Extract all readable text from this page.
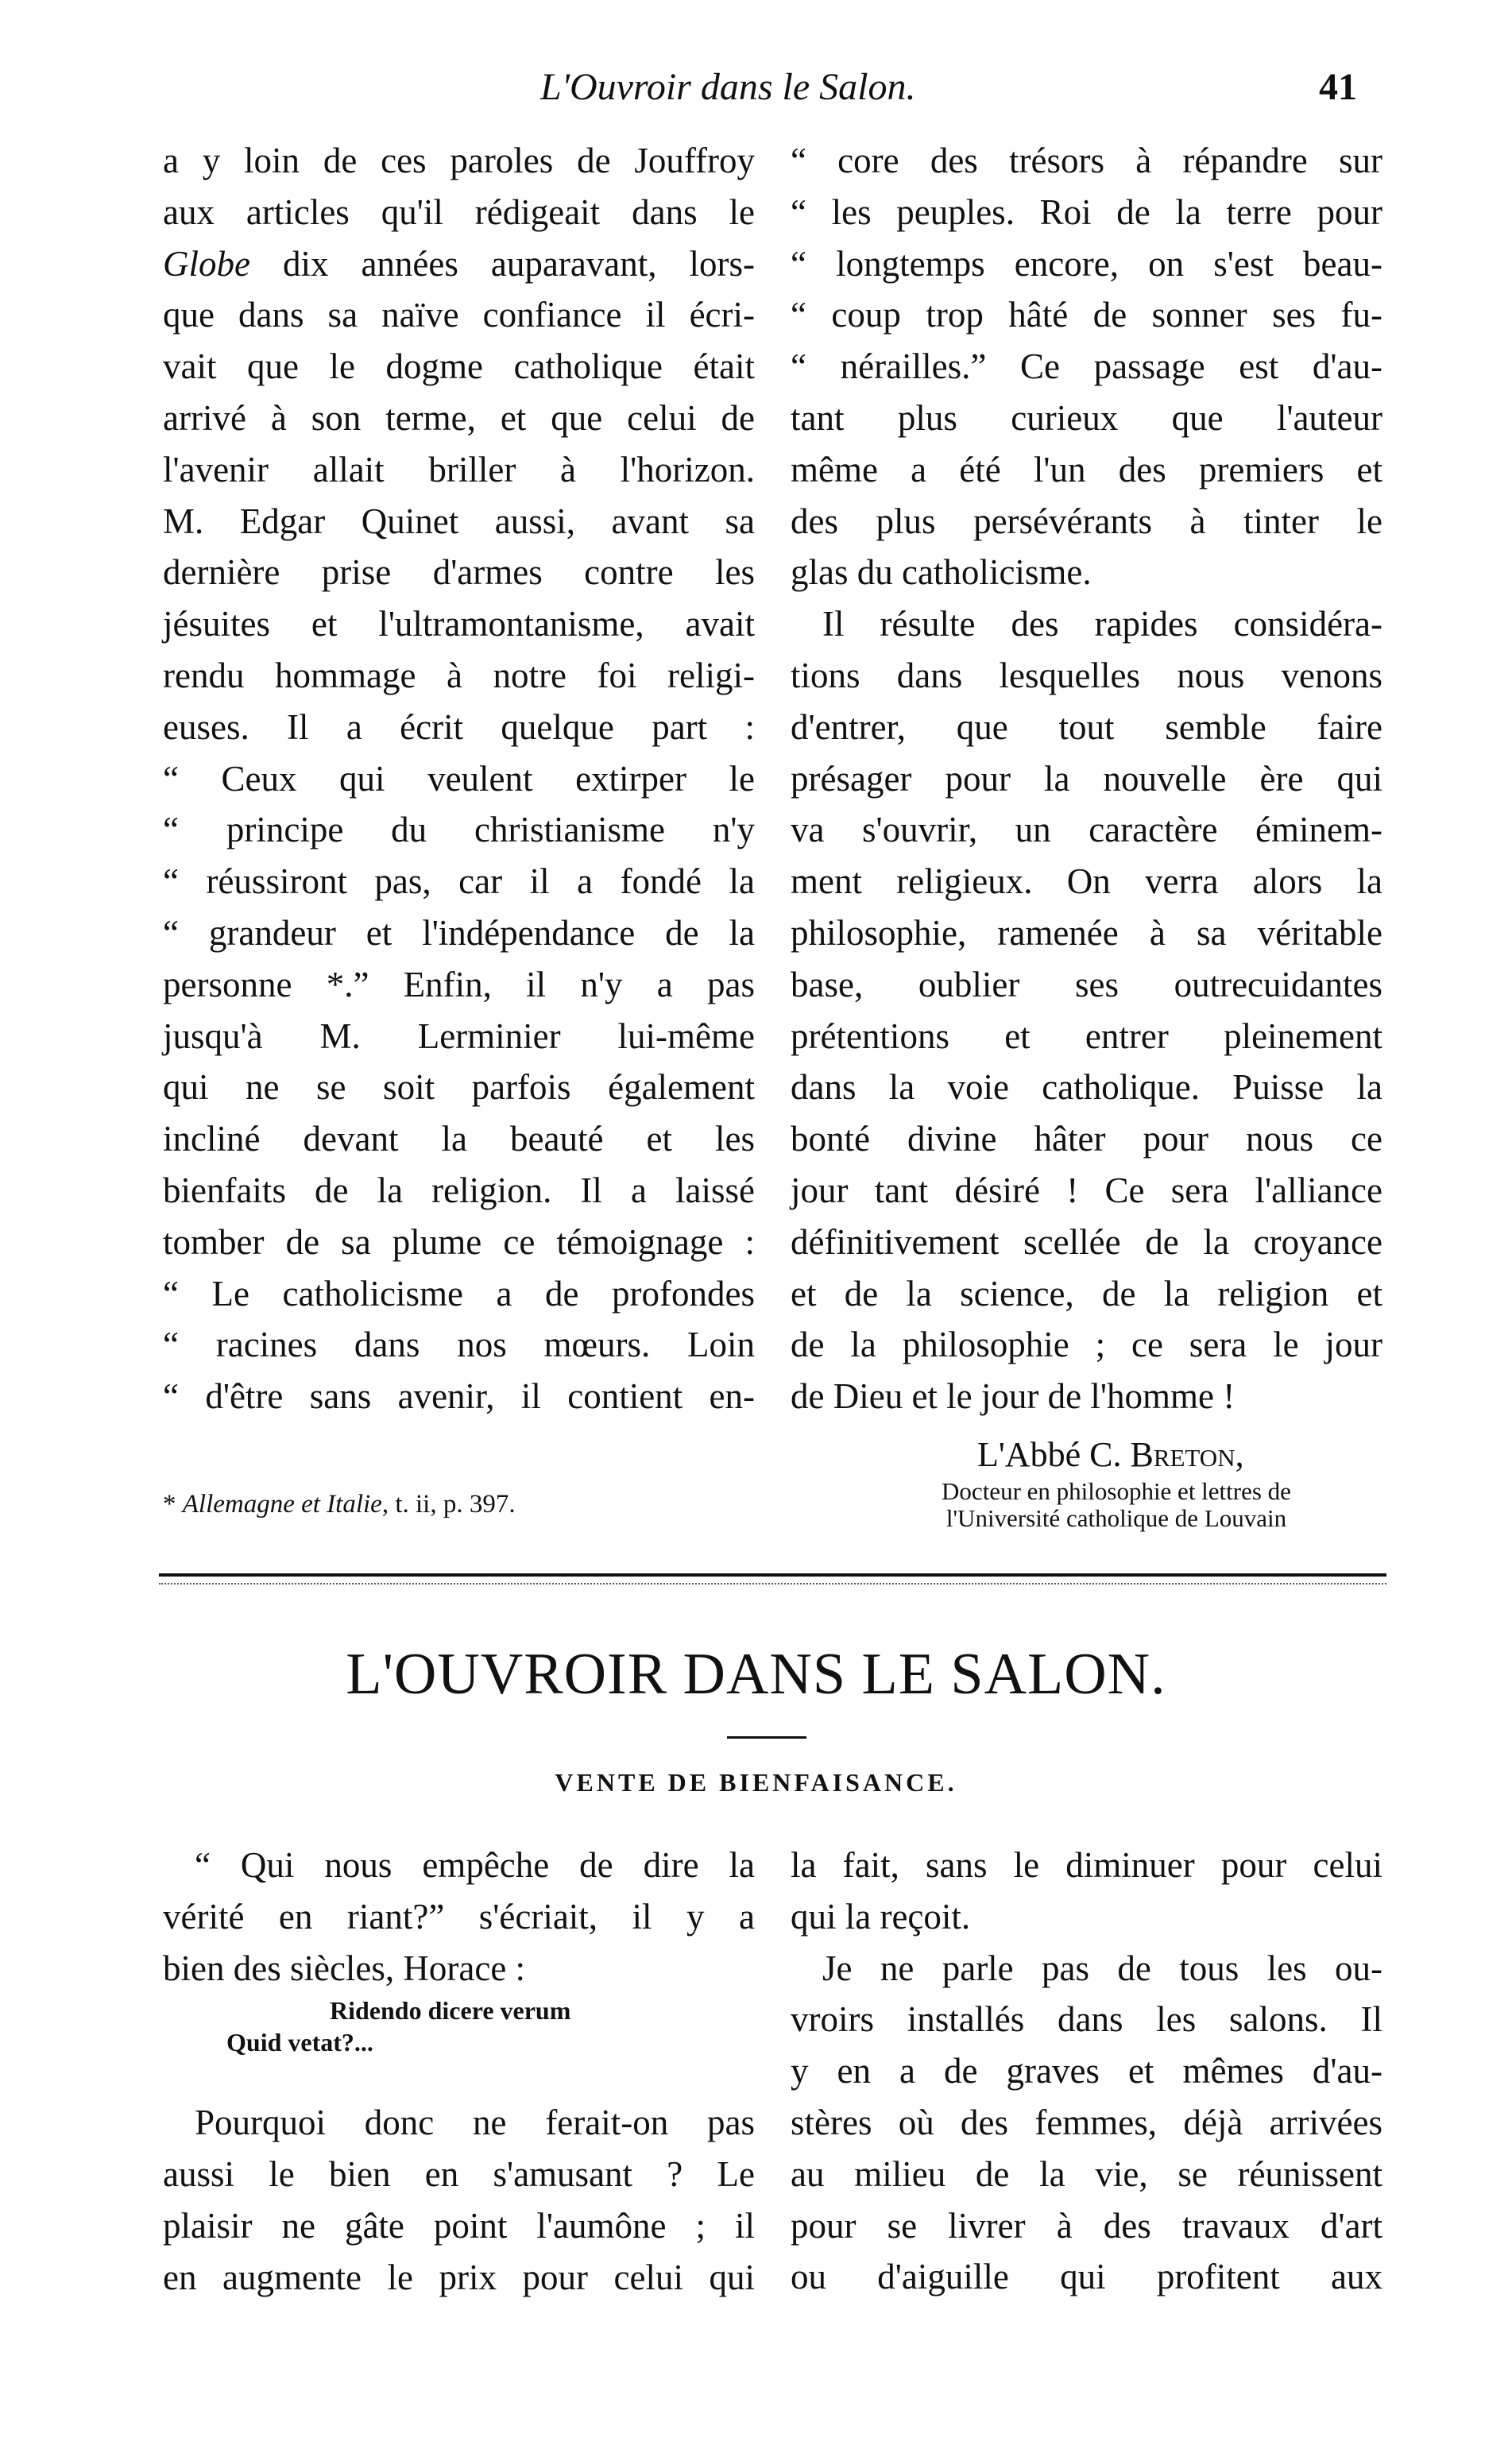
L'Ouvroir dans le Salon.	41
a y loin de ces paroles de Jouffroy
aux articles qu'il rédigeait dans le
Globe dix années auparavant, lors-
que dans sa naïve confiance il écri-
vait que le dogme catholique était
arrivé à son terme, et que celui de
l'avenir allait briller à l'horizon.
M. Edgar Quinet aussi, avant sa
dernière prise d'armes contre les
jésuites et l'ultramontanisme, avait
rendu hommage à notre foi religi-
euses. Il a écrit quelque part :
“ Ceux qui veulent extirper le
“ principe du christianisme n'y
“ réussiront pas, car il a fondé la
“ grandeur et l'indépendance de la
personne *.” Enfin, il n'y a pas
jusqu'à M. Lerminier lui-même
qui ne se soit parfois également
incliné devant la beauté et les
bienfaits de la religion. Il a laissé
tomber de sa plume ce témoignage :
“ Le catholicisme a de profondes
“ racines dans nos mœurs. Loin
“ d'être sans avenir, il contient en-
“ core des trésors à répandre sur
“ les peuples. Roi de la terre pour
“ longtemps encore, on s'est beau-
“ coup trop hâté de sonner ses fu-
“ nérailles.” Ce passage est d'au-
tant plus curieux que l'auteur
même a été l'un des premiers et
des plus persévérants à tinter le
glas du catholicisme.
Il résulte des rapides considéra-
tions dans lesquelles nous venons
d'entrer, que tout semble faire
présager pour la nouvelle ère qui
va s'ouvrir, un caractère éminem-
ment religieux. On verra alors la
philosophie, ramenée à sa véritable
base, oublier ses outrecuidantes
prétentions et entrer pleinement
dans la voie catholique. Puisse la
bonté divine hâter pour nous ce
jour tant désiré ! Ce sera l'alliance
définitivement scellée de la croyance
et de la science, de la religion et
de la philosophie ; ce sera le jour
de Dieu et le jour de l'homme !
L'Abbé C. Breton,
Docteur en philosophie et lettres de
l'Université catholique de Louvain
* Allemagne et Italie, t. ii, p. 397.
L'OUVROIR DANS LE SALON.
VENTE DE BIENFAISANCE.
“ Qui nous empêche de dire la
vérité en riant?” s'écriait, il y a
bien des siècles, Horace :
Pourquoi donc ne ferait-on pas
aussi le bien en s'amusant ? Le
plaisir ne gâte point l'aumône ; il
en augmente le prix pour celui qui
Ridendo dicere verum
Quid vetat?...
la fait, sans le diminuer pour celui
qui la reçoit.
Je ne parle pas de tous les ou-
vroirs installés dans les salons. Il
y en a de graves et mêmes d'au-
stères où des femmes, déjà arrivées
au milieu de la vie, se réunissent
pour se livrer à des travaux d'art
ou d'aiguille qui profitent aux
